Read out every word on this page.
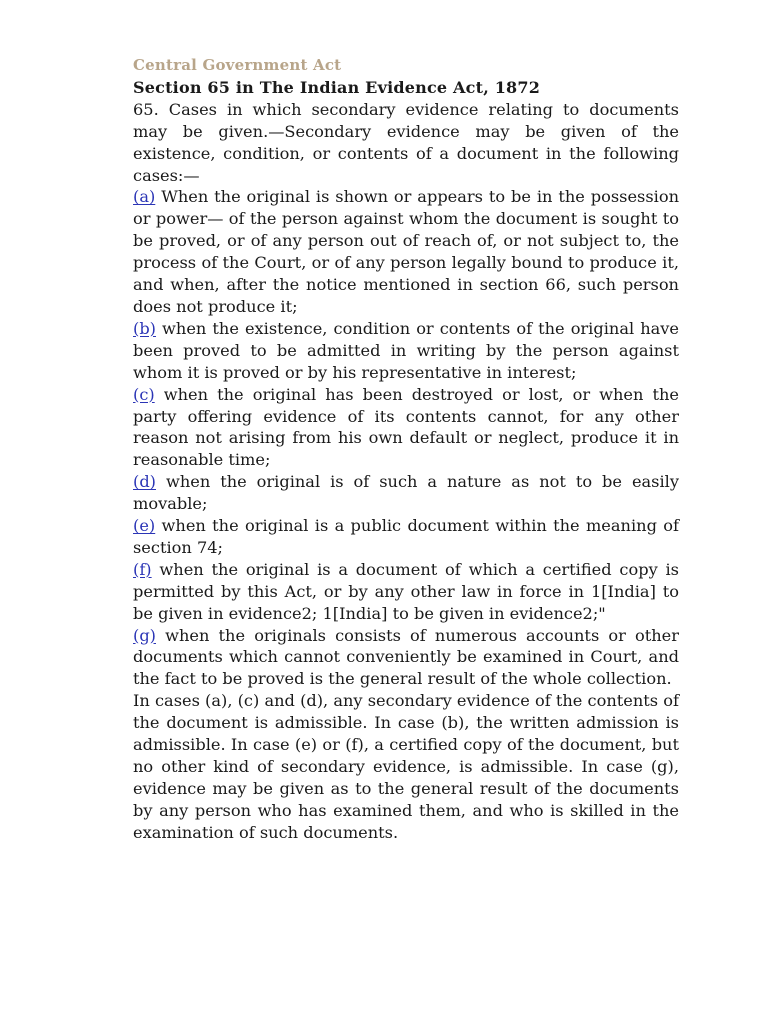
Central Government Act
Section 65 in The Indian Evidence Act, 1872

65. Cases in which secondary evidence relating to documents may be given.—Secondary evidence may be given of the existence, condition, or contents of a document in the following cases:—

(a) When the original is shown or appears to be in the possession or power— of the person against whom the document is sought to be proved, or of any person out of reach of, or not subject to, the process of the Court, or of any person legally bound to produce it, and when, after the notice mentioned in section 66, such person does not produce it;

(b) when the existence, condition or contents of the original have been proved to be admitted in writing by the person against whom it is proved or by his representative in interest;

(c) when the original has been destroyed or lost, or when the party offering evidence of its contents cannot, for any other reason not arising from his own default or neglect, produce it in reasonable time;

(d) when the original is of such a nature as not to be easily movable;

(e) when the original is a public document within the meaning of section 74;

(f) when the original is a document of which a certified copy is permitted by this Act, or by any other law in force in 1[India] to be given in evidence2; 1[India] to be given in evidence2;"

(g) when the originals consists of numerous accounts or other documents which cannot conveniently be examined in Court, and the fact to be proved is the general result of the whole collection.

In cases (a), (c) and (d), any secondary evidence of the contents of the document is admissible. In case (b), the written admission is admissible. In case (e) or (f), a certified copy of the document, but no other kind of secondary evidence, is admissible. In case (g), evidence may be given as to the general result of the documents by any person who has examined them, and who is skilled in the examination of such documents.
